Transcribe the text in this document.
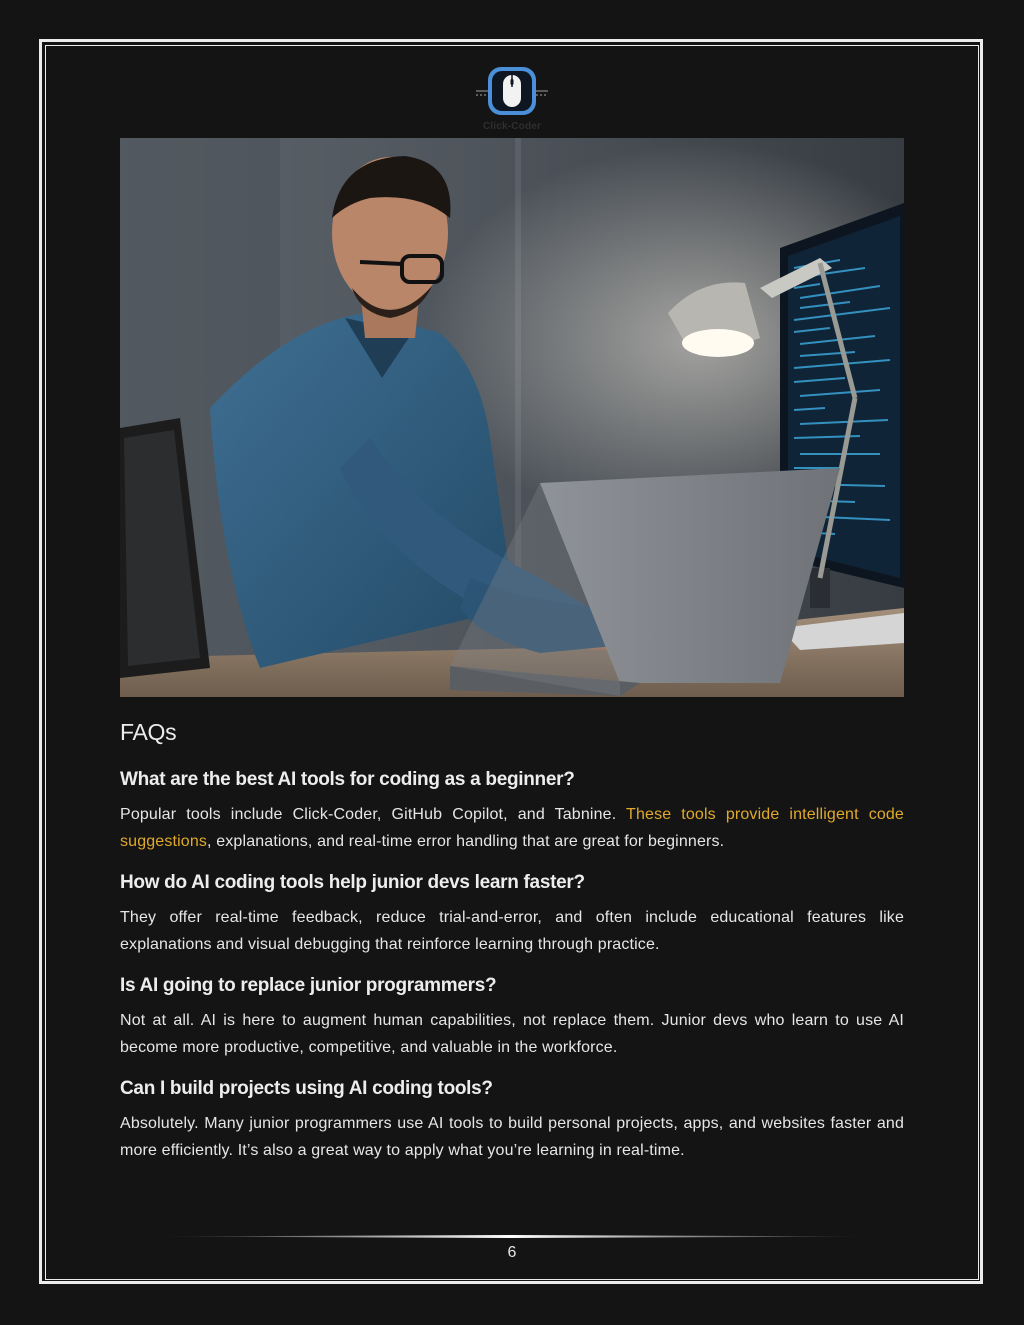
Click-Coder
FAQs
What are the best AI tools for coding as a beginner?

Popular tools include Click-Coder, GitHub Copilot, and Tabnine. These tools provide intelligent code suggestions, explanations, and real-time error handling that are great for beginners.

How do AI coding tools help junior devs learn faster?

They offer real-time feedback, reduce trial-and-error, and often include educational features like explanations and visual debugging that reinforce learning through practice.

Is AI going to replace junior programmers?

Not at all. AI is here to augment human capabilities, not replace them. Junior devs who learn to use AI become more productive, competitive, and valuable in the workforce.

Can I build projects using AI coding tools?

Absolutely. Many junior programmers use AI tools to build personal projects, apps, and websites faster and more efficiently. It’s also a great way to apply what you’re learning in real-time.

6
